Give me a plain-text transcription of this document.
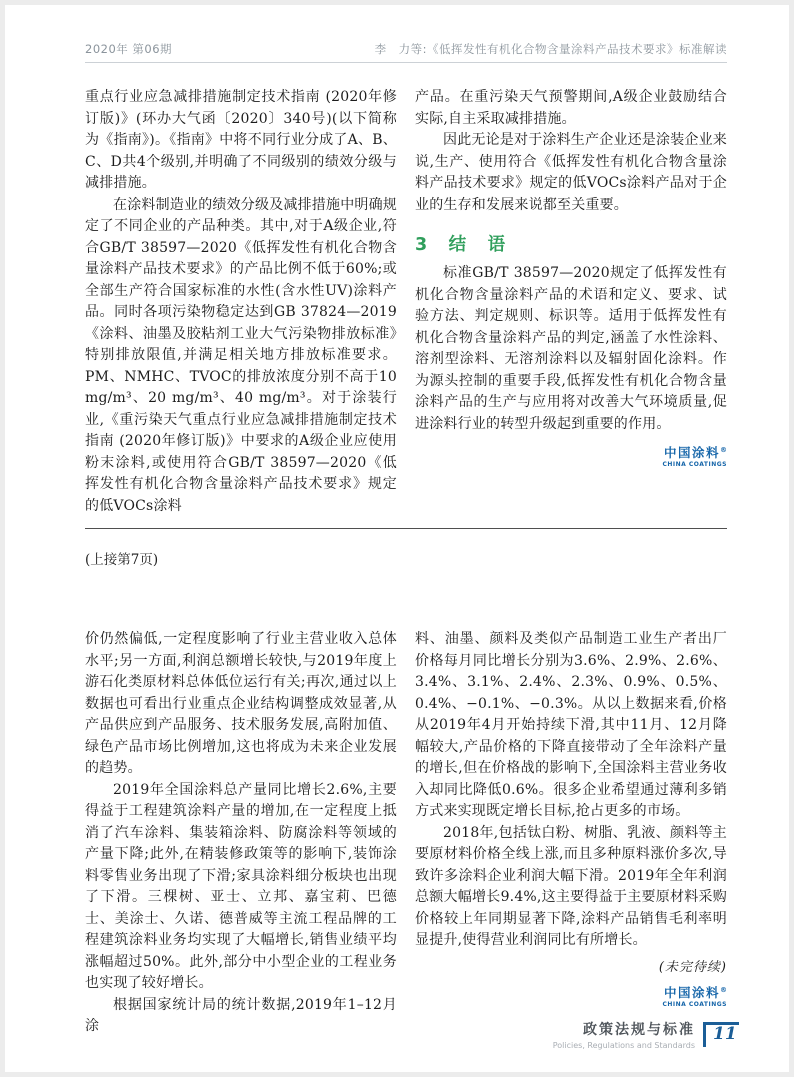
2020年 第06期	李　力等:《低挥发性有机化合物含量涂料产品技术要求》标准解读

重点行业应急减排措施制定技术指南 (2020年修订版)》(环办大气函〔2020〕340号)(以下简称为《指南》)。《指南》中将不同行业分成了A、B、C、D共4个级别,并明确了不同级别的绩效分级与减排措施。

在涂料制造业的绩效分级及减排措施中明确规定了不同企业的产品种类。其中,对于A级企业,符合GB/T 38597—2020《低挥发性有机化合物含量涂料产品技术要求》的产品比例不低于60%;或全部生产符合国家标准的水性(含水性UV)涂料产品。同时各项污染物稳定达到GB 37824—2019《涂料、油墨及胶粘剂工业大气污染物排放标准》特别排放限值,并满足相关地方排放标准要求。PM、NMHC、TVOC的排放浓度分别不高于10 mg/m³、20 mg/m³、40 mg/m³。对于涂装行业,《重污染天气重点行业应急减排措施制定技术指南 (2020年修订版)》中要求的A级企业应使用粉末涂料,或使用符合GB/T 38597—2020《低挥发性有机化合物含量涂料产品技术要求》规定的低VOCs涂料

产品。在重污染天气预警期间,A级企业鼓励结合实际,自主采取减排措施。

因此无论是对于涂料生产企业还是涂装企业来说,生产、使用符合《低挥发性有机化合物含量涂料产品技术要求》规定的低VOCs涂料产品对于企业的生存和发展来说都至关重要。

3　结　语

标准GB/T 38597—2020规定了低挥发性有机化合物含量涂料产品的术语和定义、要求、试验方法、判定规则、标识等。适用于低挥发性有机化合物含量涂料产品的判定,涵盖了水性涂料、溶剂型涂料、无溶剂涂料以及辐射固化涂料。作为源头控制的重要手段,低挥发性有机化合物含量涂料产品的生产与应用将对改善大气环境质量,促进涂料行业的转型升级起到重要的作用。

中国涂料®
CHINA COATINGS
(上接第7页)

价仍然偏低,一定程度影响了行业主营业收入总体水平;另一方面,利润总额增长较快,与2019年度上游石化类原材料总体低位运行有关;再次,通过以上数据也可看出行业重点企业结构调整成效显著,从产品供应到产品服务、技术服务发展,高附加值、绿色产品市场比例增加,这也将成为未来企业发展的趋势。

2019年全国涂料总产量同比增长2.6%,主要得益于工程建筑涂料产量的增加,在一定程度上抵消了汽车涂料、集装箱涂料、防腐涂料等领域的产量下降;此外,在精装修政策等的影响下,装饰涂料零售业务出现了下滑;家具涂料细分板块也出现了下滑。三棵树、亚士、立邦、嘉宝莉、巴德士、美涂士、久诺、德普威等主流工程品牌的工程建筑涂料业务均实现了大幅增长,销售业绩平均涨幅超过50%。此外,部分中小型企业的工程业务也实现了较好增长。

根据国家统计局的统计数据,2019年1–12月涂

料、油墨、颜料及类似产品制造工业生产者出厂价格每月同比增长分别为3.6%、2.9%、2.6%、3.4%、3.1%、2.4%、2.3%、0.9%、0.5%、0.4%、−0.1%、−0.3%。从以上数据来看,价格从2019年4月开始持续下滑,其中11月、12月降幅较大,产品价格的下降直接带动了全年涂料产量的增长,但在价格战的影响下,全国涂料主营业务收入却同比降低0.6%。很多企业希望通过薄利多销方式来实现既定增长目标,抢占更多的市场。

2018年,包括钛白粉、树脂、乳液、颜料等主要原材料价格全线上涨,而且多种原料涨价多次,导致许多涂料企业利润大幅下滑。2019年全年利润总额大幅增长9.4%,这主要得益于主要原材料采购价格较上年同期显著下降,涂料产品销售毛利率明显提升,使得营业利润同比有所增长。

(未完待续)
中国涂料®
CHINA COATINGS
政策法规与标准
Policies, Regulations and Standards
11
